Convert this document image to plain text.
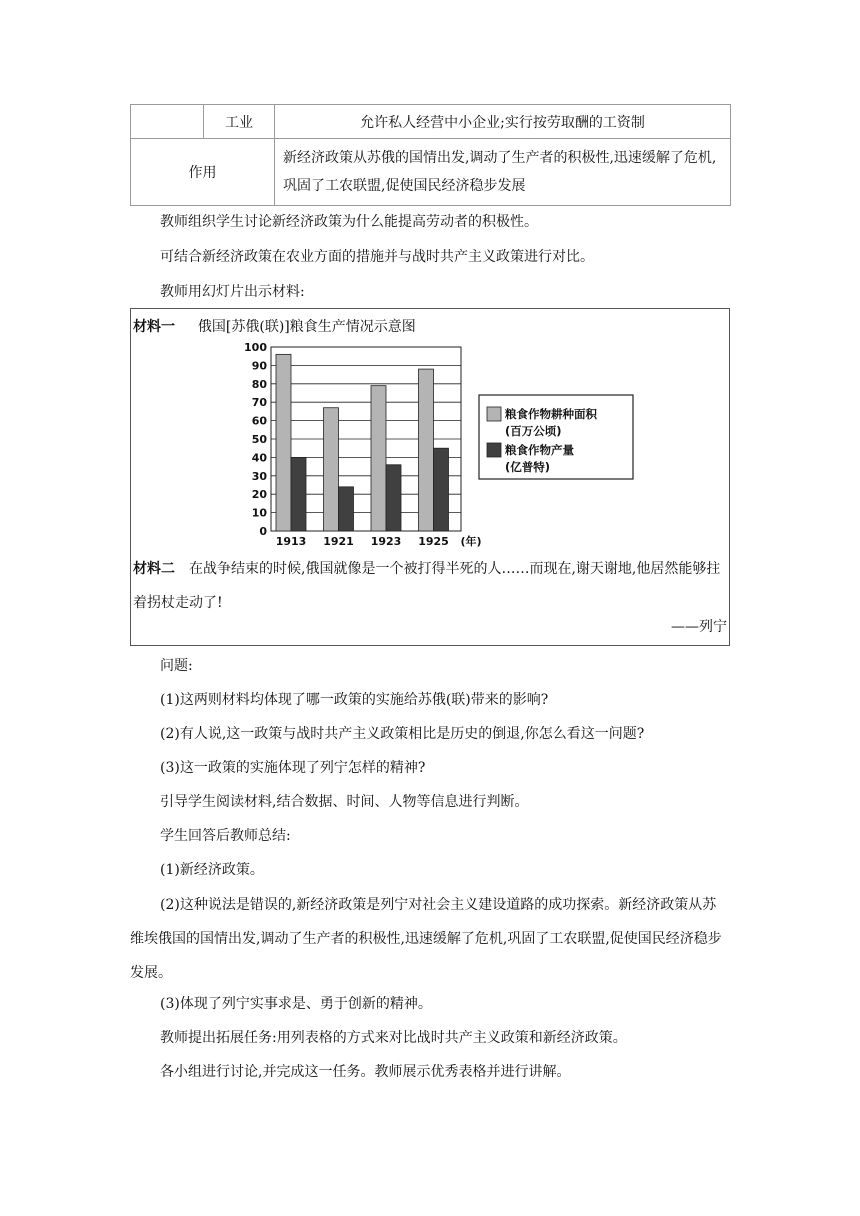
	工业	允许私人经营中小企业;实行按劳取酬的工资制
作用		新经济政策从苏俄的国情出发,调动了生产者的积极性,迅速缓解了危机,巩固了工农联盟,促使国民经济稳步发展
教师组织学生讨论新经济政策为什么能提高劳动者的积极性。
可结合新经济政策在农业方面的措施并与战时共产主义政策进行对比。
教师用幻灯片出示材料:
材料一 俄国[苏俄(联)]粮食生产情况示意图
0
10
20
30
40
50
60
70
80
90
100
1913 1921 1923 1925 (年)
粮食作物耕种面积
(百万公顷)
粮食作物产量
(亿普特)
材料二 在战争结束的时候,俄国就像是一个被打得半死的人……而现在,谢天谢地,他居然能够拄着拐杖走动了!
——列宁
问题:
(1)这两则材料均体现了哪一政策的实施给苏俄(联)带来的影响?
(2)有人说,这一政策与战时共产主义政策相比是历史的倒退,你怎么看这一问题?
(3)这一政策的实施体现了列宁怎样的精神?
引导学生阅读材料,结合数据、时间、人物等信息进行判断。
学生回答后教师总结:
(1)新经济政策。
(2)这种说法是错误的,新经济政策是列宁对社会主义建设道路的成功探索。新经济政策从苏维埃俄国的国情出发,调动了生产者的积极性,迅速缓解了危机,巩固了工农联盟,促使国民经济稳步发展。
(3)体现了列宁实事求是、勇于创新的精神。
教师提出拓展任务:用列表格的方式来对比战时共产主义政策和新经济政策。
各小组进行讨论,并完成这一任务。教师展示优秀表格并进行讲解。
